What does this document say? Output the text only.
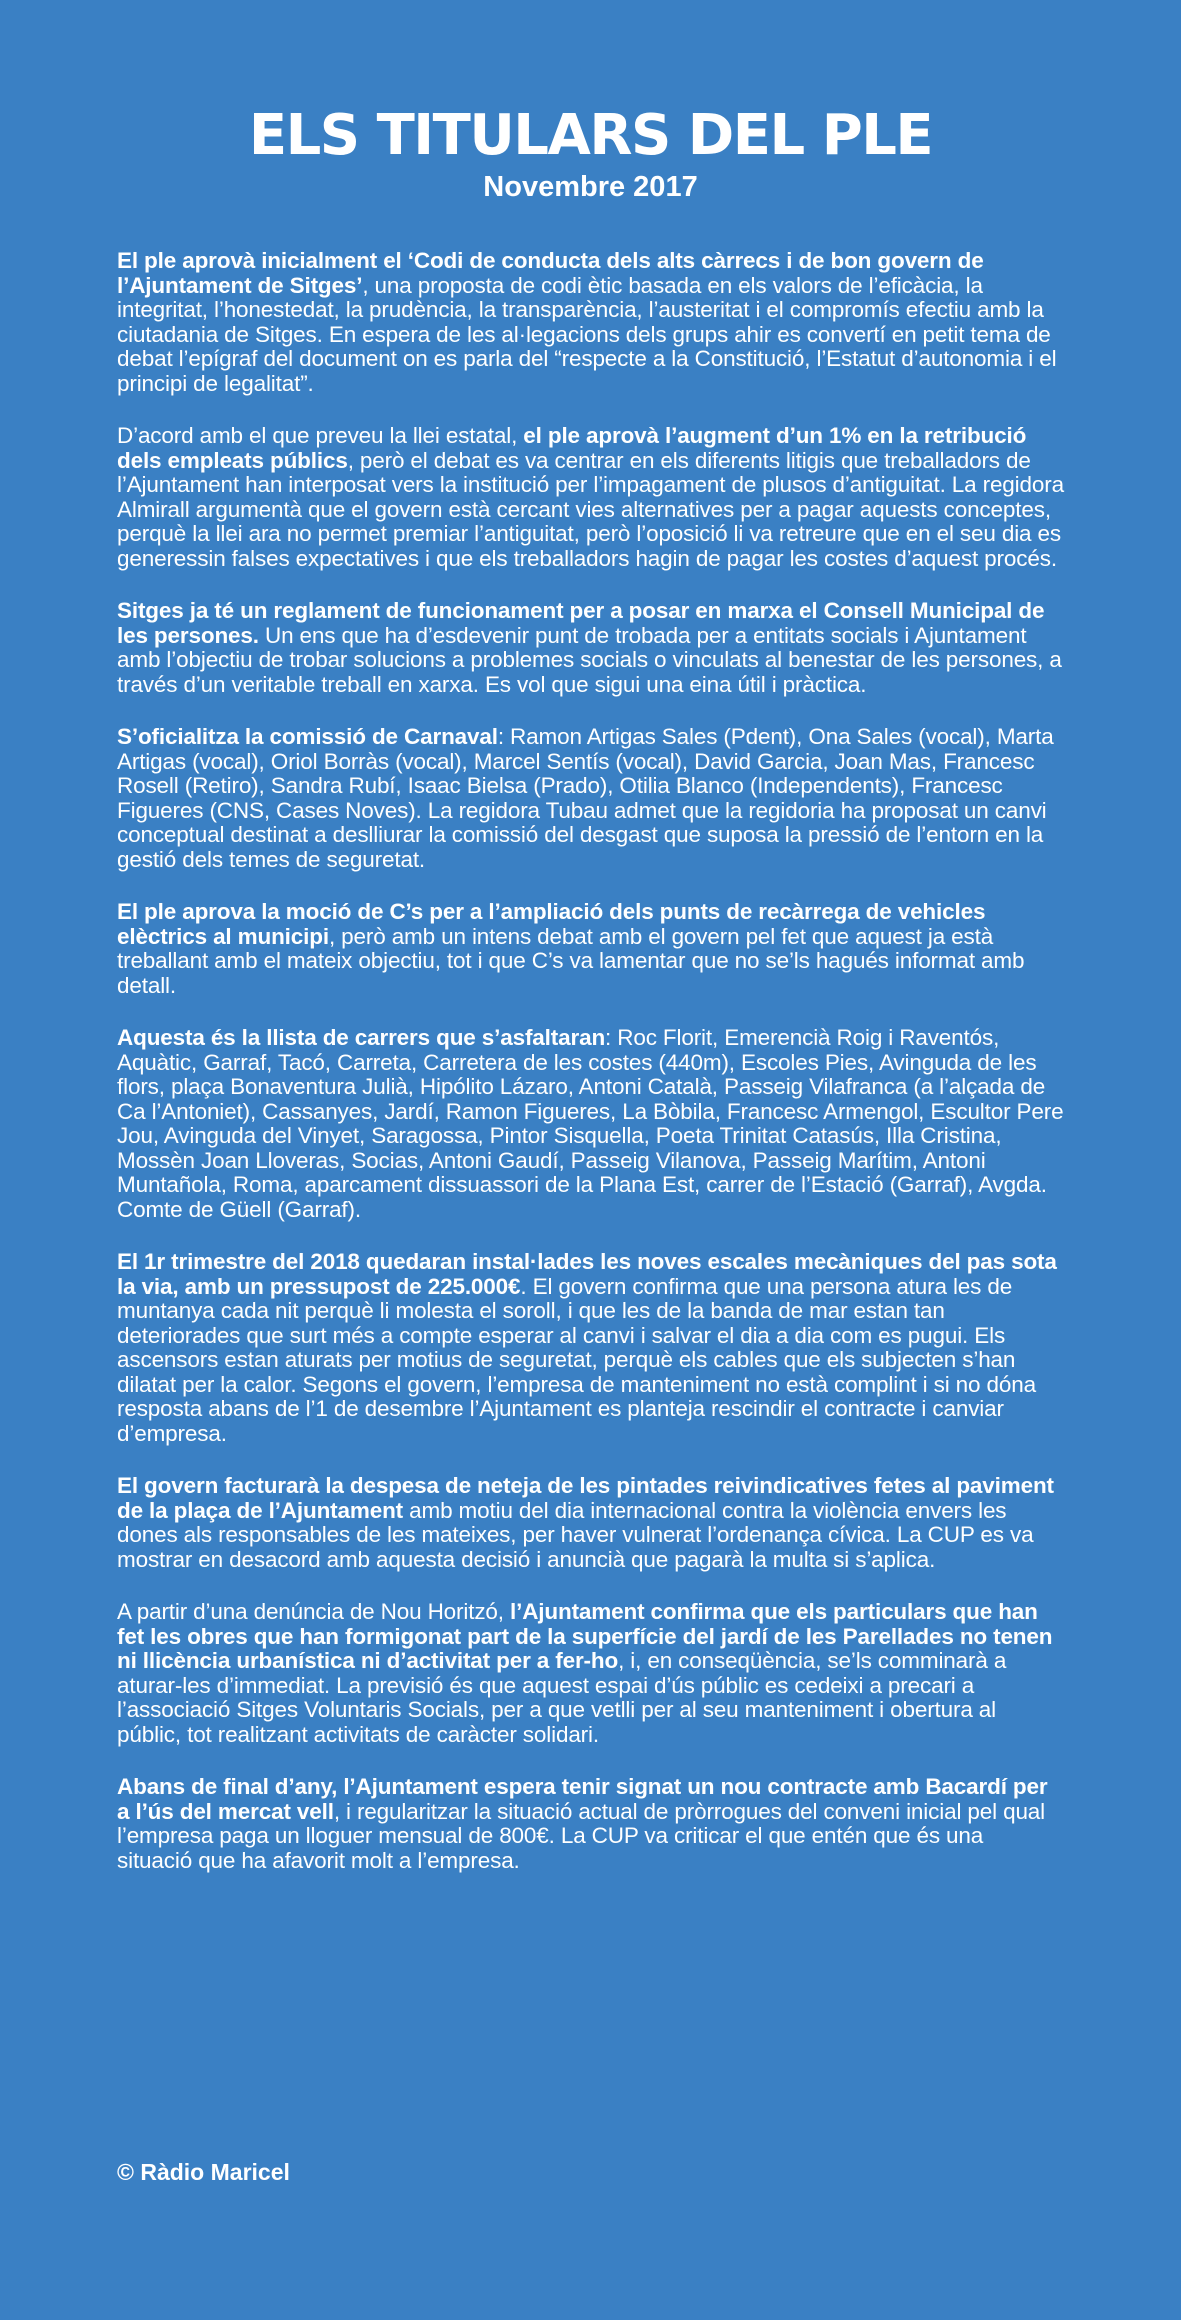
ELS TITULARS DEL PLE
Novembre 2017

El ple aprovà inicialment el ‘Codi de conducta dels alts càrrecs i de bon govern de l’Ajuntament de Sitges’, una proposta de codi ètic basada en els valors de l’eficàcia, la integritat, l’honestedat, la prudència, la transparència, l’austeritat i el compromís efectiu amb la ciutadania de Sitges. En espera de les al·legacions dels grups ahir es convertí en petit tema de debat l’epígraf del document on es parla del “respecte a la Constitució, l’Estatut d’autonomia i el principi de legalitat”.

D’acord amb el que preveu la llei estatal, el ple aprovà l’augment d’un 1% en la retribució dels empleats públics, però el debat es va centrar en els diferents litigis que treballadors de l’Ajuntament han interposat vers la institució per l’impagament de plusos d’antiguitat. La regidora Almirall argumentà que el govern està cercant vies alternatives per a pagar aquests conceptes, perquè la llei ara no permet premiar l’antiguitat, però l’oposició li va retreure que en el seu dia es generessin falses expectatives i que els treballadors hagin de pagar les costes d’aquest procés.

Sitges ja té un reglament de funcionament per a posar en marxa el Consell Municipal de les persones. Un ens que ha d’esdevenir punt de trobada per a entitats socials i Ajuntament amb l’objectiu de trobar solucions a problemes socials o vinculats al benestar de les persones, a través d’un veritable treball en xarxa. Es vol que sigui una eina útil i pràctica.

S’oficialitza la comissió de Carnaval: Ramon Artigas Sales (Pdent), Ona Sales (vocal), Marta Artigas (vocal), Oriol Borràs (vocal), Marcel Sentís (vocal), David Garcia, Joan Mas, Francesc Rosell (Retiro), Sandra Rubí, Isaac Bielsa (Prado), Otilia Blanco (Independents), Francesc Figueres (CNS, Cases Noves). La regidora Tubau admet que la regidoria ha proposat un canvi conceptual destinat a deslliurar la comissió del desgast que suposa la pressió de l’entorn en la gestió dels temes de seguretat.

El ple aprova la moció de C’s per a l’ampliació dels punts de recàrrega de vehicles elèctrics al municipi, però amb un intens debat amb el govern pel fet que aquest ja està treballant amb el mateix objectiu, tot i que C’s va lamentar que no se’ls hagués informat amb detall.

Aquesta és la llista de carrers que s’asfaltaran: Roc Florit, Emerencià Roig i Raventós, Aquàtic, Garraf, Tacó, Carreta, Carretera de les costes (440m), Escoles Pies, Avinguda de les flors, plaça Bonaventura Julià, Hipólito Lázaro, Antoni Català, Passeig Vilafranca (a l’alçada de Ca l’Antoniet), Cassanyes, Jardí, Ramon Figueres, La Bòbila, Francesc Armengol, Escultor Pere Jou, Avinguda del Vinyet, Saragossa, Pintor Sisquella, Poeta Trinitat Catasús, Illa Cristina, Mossèn Joan Lloveras, Socias, Antoni Gaudí, Passeig Vilanova, Passeig Marítim, Antoni Muntañola, Roma, aparcament dissuassori de la Plana Est, carrer de l’Estació (Garraf), Avgda. Comte de Güell (Garraf).

El 1r trimestre del 2018 quedaran instal·lades les noves escales mecàniques del pas sota la via, amb un pressupost de 225.000€. El govern confirma que una persona atura les de muntanya cada nit perquè li molesta el soroll, i que les de la banda de mar estan tan deteriorades que surt més a compte esperar al canvi i salvar el dia a dia com es pugui. Els ascensors estan aturats per motius de seguretat, perquè els cables que els subjecten s’han dilatat per la calor. Segons el govern, l’empresa de manteniment no està complint i si no dóna resposta abans de l’1 de desembre l’Ajuntament es planteja rescindir el contracte i canviar d’empresa.

El govern facturarà la despesa de neteja de les pintades reivindicatives fetes al paviment de la plaça de l’Ajuntament amb motiu del dia internacional contra la violència envers les dones als responsables de les mateixes, per haver vulnerat l’ordenança cívica. La CUP es va mostrar en desacord amb aquesta decisió i anuncià que pagarà la multa si s’aplica.

A partir d’una denúncia de Nou Horitzó, l’Ajuntament confirma que els particulars que han fet les obres que han formigonat part de la superfície del jardí de les Parellades no tenen ni llicència urbanística ni d’activitat per a fer-ho, i, en conseqüència, se’ls comminarà a aturar-les d’immediat. La previsió és que aquest espai d’ús públic es cedeixi a precari a l’associació Sitges Voluntaris Socials, per a que vetlli per al seu manteniment i obertura al públic, tot realitzant activitats de caràcter solidari.

Abans de final d’any, l’Ajuntament espera tenir signat un nou contracte amb Bacardí per a l’ús del mercat vell, i regularitzar la situació actual de pròrrogues del conveni inicial pel qual l’empresa paga un lloguer mensual de 800€. La CUP va criticar el que entén que és una situació que ha afavorit molt a l’empresa.

© Ràdio Maricel
